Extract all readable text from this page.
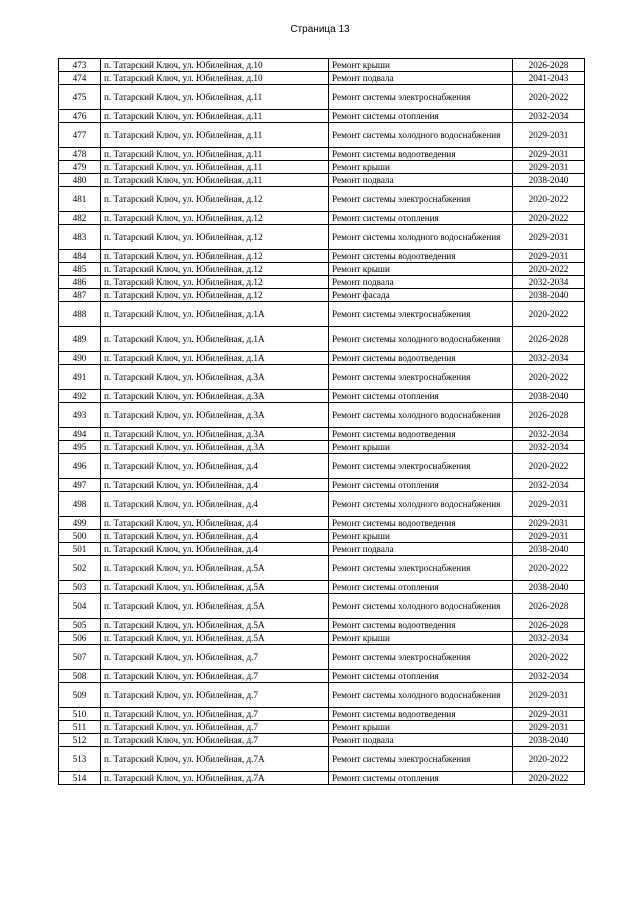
Страница 13
473	п. Татарский Ключ, ул. Юбилейная, д.10	Ремонт крыши	2026-2028
474	п. Татарский Ключ, ул. Юбилейная, д.10	Ремонт подвала	2041-2043
475	п. Татарский Ключ, ул. Юбилейная, д.11	Ремонт системы электроснабжения	2020-2022
476	п. Татарский Ключ, ул. Юбилейная, д.11	Ремонт системы отопления	2032-2034
477	п. Татарский Ключ, ул. Юбилейная, д.11	Ремонт системы холодного водоснабжения	2029-2031
478	п. Татарский Ключ, ул. Юбилейная, д.11	Ремонт системы водоотведения	2029-2031
479	п. Татарский Ключ, ул. Юбилейная, д.11	Ремонт крыши	2029-2031
480	п. Татарский Ключ, ул. Юбилейная, д.11	Ремонт подвала	2038-2040
481	п. Татарский Ключ, ул. Юбилейная, д.12	Ремонт системы электроснабжения	2020-2022
482	п. Татарский Ключ, ул. Юбилейная, д.12	Ремонт системы отопления	2020-2022
483	п. Татарский Ключ, ул. Юбилейная, д.12	Ремонт системы холодного водоснабжения	2029-2031
484	п. Татарский Ключ, ул. Юбилейная, д.12	Ремонт системы водоотведения	2029-2031
485	п. Татарский Ключ, ул. Юбилейная, д.12	Ремонт крыши	2020-2022
486	п. Татарский Ключ, ул. Юбилейная, д.12	Ремонт подвала	2032-2034
487	п. Татарский Ключ, ул. Юбилейная, д.12	Ремонт фасада	2038-2040
488	п. Татарский Ключ, ул. Юбилейная, д.1А	Ремонт системы электроснабжения	2020-2022
489	п. Татарский Ключ, ул. Юбилейная, д.1А	Ремонт системы холодного водоснабжения	2026-2028
490	п. Татарский Ключ, ул. Юбилейная, д.1А	Ремонт системы водоотведения	2032-2034
491	п. Татарский Ключ, ул. Юбилейная, д.3А	Ремонт системы электроснабжения	2020-2022
492	п. Татарский Ключ, ул. Юбилейная, д.3А	Ремонт системы отопления	2038-2040
493	п. Татарский Ключ, ул. Юбилейная, д.3А	Ремонт системы холодного водоснабжения	2026-2028
494	п. Татарский Ключ, ул. Юбилейная, д.3А	Ремонт системы водоотведения	2032-2034
495	п. Татарский Ключ, ул. Юбилейная, д.3А	Ремонт крыши	2032-2034
496	п. Татарский Ключ, ул. Юбилейная, д.4	Ремонт системы электроснабжения	2020-2022
497	п. Татарский Ключ, ул. Юбилейная, д.4	Ремонт системы отопления	2032-2034
498	п. Татарский Ключ, ул. Юбилейная, д.4	Ремонт системы холодного водоснабжения	2029-2031
499	п. Татарский Ключ, ул. Юбилейная, д.4	Ремонт системы водоотведения	2029-2031
500	п. Татарский Ключ, ул. Юбилейная, д.4	Ремонт крыши	2029-2031
501	п. Татарский Ключ, ул. Юбилейная, д.4	Ремонт подвала	2038-2040
502	п. Татарский Ключ, ул. Юбилейная, д.5А	Ремонт системы электроснабжения	2020-2022
503	п. Татарский Ключ, ул. Юбилейная, д.5А	Ремонт системы отопления	2038-2040
504	п. Татарский Ключ, ул. Юбилейная, д.5А	Ремонт системы холодного водоснабжения	2026-2028
505	п. Татарский Ключ, ул. Юбилейная, д.5А	Ремонт системы водоотведения	2026-2028
506	п. Татарский Ключ, ул. Юбилейная, д.5А	Ремонт крыши	2032-2034
507	п. Татарский Ключ, ул. Юбилейная, д.7	Ремонт системы электроснабжения	2020-2022
508	п. Татарский Ключ, ул. Юбилейная, д.7	Ремонт системы отопления	2032-2034
509	п. Татарский Ключ, ул. Юбилейная, д.7	Ремонт системы холодного водоснабжения	2029-2031
510	п. Татарский Ключ, ул. Юбилейная, д.7	Ремонт системы водоотведения	2029-2031
511	п. Татарский Ключ, ул. Юбилейная, д.7	Ремонт крыши	2029-2031
512	п. Татарский Ключ, ул. Юбилейная, д.7	Ремонт подвала	2038-2040
513	п. Татарский Ключ, ул. Юбилейная, д.7А	Ремонт системы электроснабжения	2020-2022
514	п. Татарский Ключ, ул. Юбилейная, д.7А	Ремонт системы отопления	2020-2022
